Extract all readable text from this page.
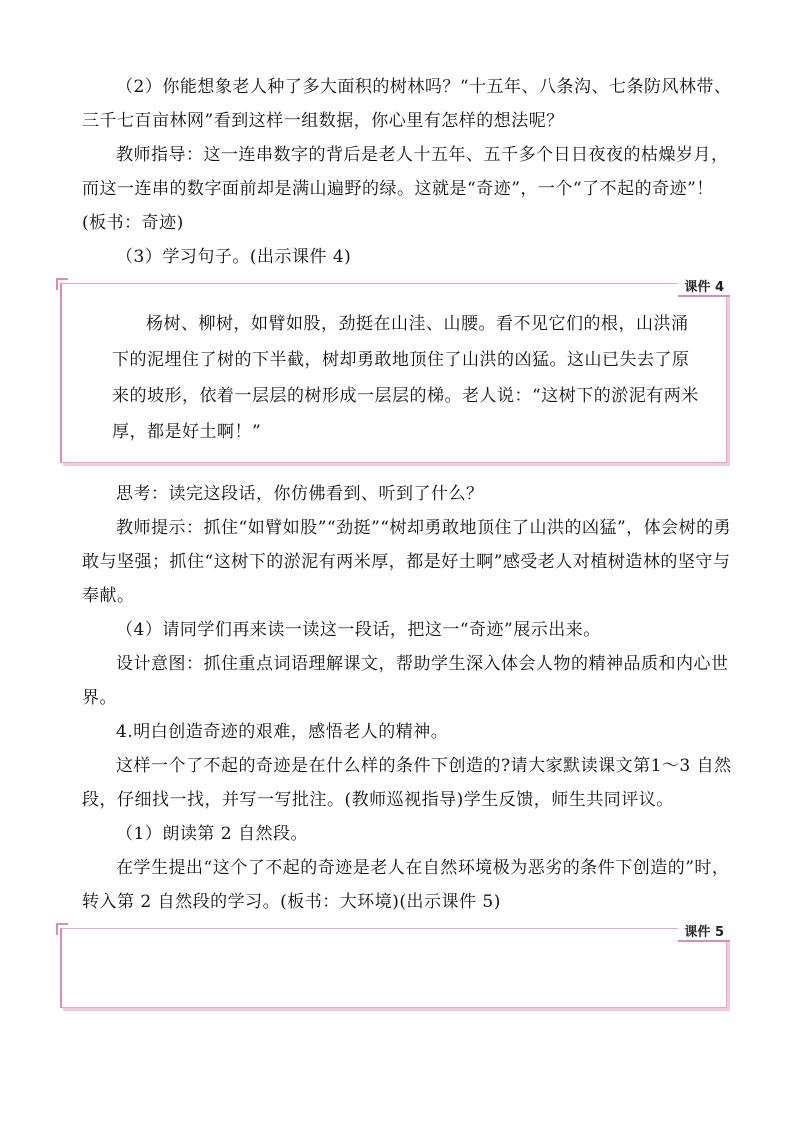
（2）你能想象老人种了多大面积的树林吗？“十五年、八条沟、七条防风林带、三千七百亩林网”看到这样一组数据，你心里有怎样的想法呢？

教师指导：这一连串数字的背后是老人十五年、五千多个日日夜夜的枯燥岁月，而这一连串的数字面前却是满山遍野的绿。这就是“奇迹”，一个“了不起的奇迹”！(板书：奇迹)

（3）学习句子。(出示课件 4)

课件 4

杨树、柳树，如臂如股，劲挺在山洼、山腰。看不见它们的根，山洪涌下的泥埋住了树的下半截，树却勇敢地顶住了山洪的凶猛。这山已失去了原来的坡形，依着一层层的树形成一层层的梯。老人说：“这树下的淤泥有两米厚，都是好土啊！”

思考：读完这段话，你仿佛看到、听到了什么？

教师提示：抓住“如臂如股”“劲挺”“树却勇敢地顶住了山洪的凶猛”，体会树的勇敢与坚强；抓住“这树下的淤泥有两米厚，都是好土啊”感受老人对植树造林的坚守与奉献。

（4）请同学们再来读一读这一段话，把这一“奇迹”展示出来。

设计意图：抓住重点词语理解课文，帮助学生深入体会人物的精神品质和内心世界。

4.明白创造奇迹的艰难，感悟老人的精神。

这样一个了不起的奇迹是在什么样的条件下创造的?请大家默读课文第1～3 自然段，仔细找一找，并写一写批注。(教师巡视指导)学生反馈，师生共同评议。

（1）朗读第 2 自然段。

在学生提出“这个了不起的奇迹是老人在自然环境极为恶劣的条件下创造的”时，转入第 2 自然段的学习。(板书：大环境)(出示课件 5)

课件 5
